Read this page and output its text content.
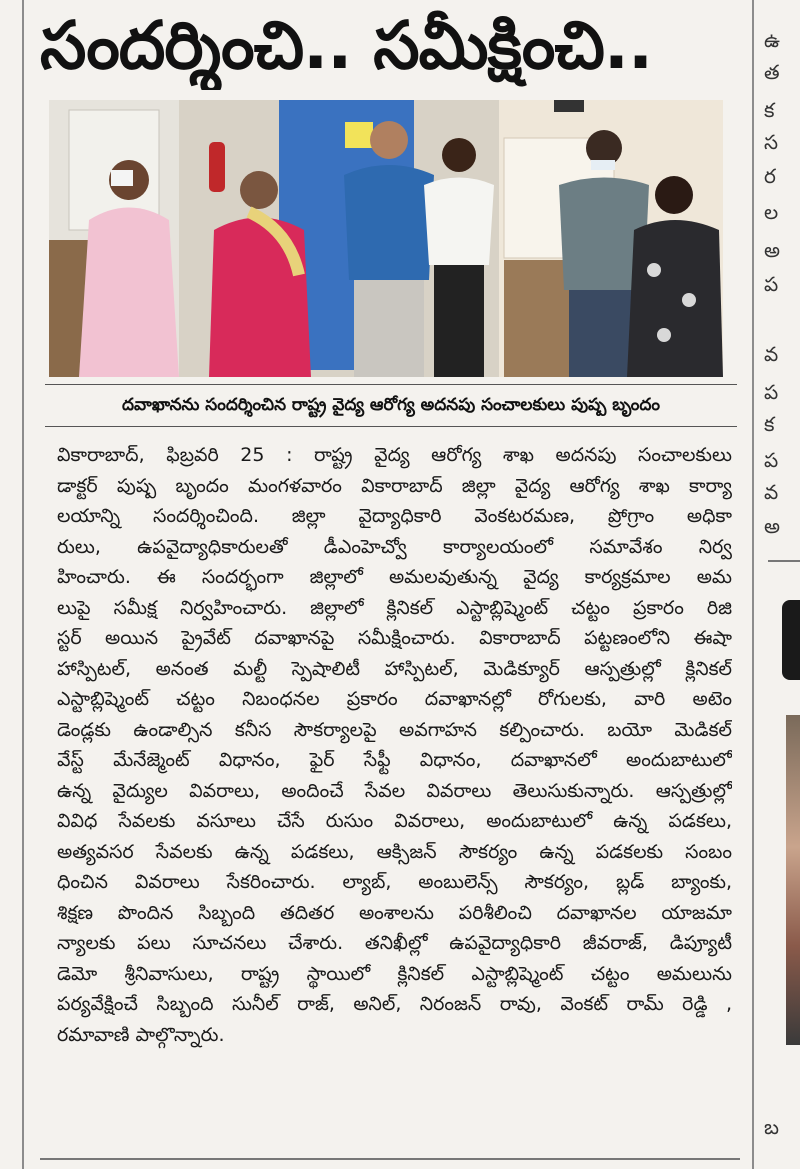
సందర్శించి.. సమీక్షించి..
దవాఖానను సందర్శించిన రాష్ట్ర వైద్య ఆరోగ్య అదనపు సంచాలకులు పుష్ప బృందం
వికారాబాద్, ఫిబ్రవరి 25 : రాష్ట్ర వైద్య ఆరోగ్య శాఖ అదనపు సంచాలకులు
డాక్టర్ పుష్ప బృందం మంగళవారం వికారాబాద్ జిల్లా వైద్య ఆరోగ్య శాఖ కార్యా
లయాన్ని సందర్శించింది. జిల్లా వైద్యాధికారి వెంకటరమణ, ప్రోగ్రాం అధికా
రులు, ఉపవైద్యాధికారులతో డీఎంహెచ్వో కార్యాలయంలో సమావేశం నిర్వ
హించారు. ఈ సందర్భంగా జిల్లాలో అమలవుతున్న వైద్య కార్యక్రమాల అమ
లుపై సమీక్ష నిర్వహించారు. జిల్లాలో క్లినికల్ ఎస్టాబ్లిష్మెంట్ చట్టం ప్రకారం రిజి
స్టర్ అయిన ప్రైవేట్ దవాఖానపై సమీక్షించారు. వికారాబాద్ పట్టణంలోని ఈషా
హాస్పిటల్, అనంత మల్టీ స్పెషాలిటీ హాస్పిటల్, మెడిక్యూర్ ఆస్పత్రుల్లో క్లినికల్
ఎస్టాబ్లిష్మెంట్ చట్టం నిబంధనల ప్రకారం దవాఖానల్లో రోగులకు, వారి అటెం
డెండ్లకు ఉండాల్సిన కనీస సౌకర్యాలపై అవగాహన కల్పించారు. బయో మెడికల్
వేస్ట్ మేనేజ్మెంట్ విధానం, ఫైర్ సేఫ్టీ విధానం, దవాఖానలో అందుబాటులో
ఉన్న వైద్యుల వివరాలు, అందించే సేవల వివరాలు తెలుసుకున్నారు. ఆస్పత్రుల్లో
వివిధ సేవలకు వసూలు చేసే రుసుం వివరాలు, అందుబాటులో ఉన్న పడకలు,
అత్యవసర సేవలకు ఉన్న పడకలు, ఆక్సిజన్ సౌకర్యం ఉన్న పడకలకు సంబం
ధించిన వివరాలు సేకరించారు. ల్యాబ్, అంబులెన్స్ సౌకర్యం, బ్లడ్ బ్యాంకు,
శిక్షణ పొందిన సిబ్బంది తదితర అంశాలను పరిశీలించి దవాఖానల యాజమా
న్యాలకు పలు సూచనలు చేశారు. తనిఖీల్లో ఉపవైద్యాధికారి జీవరాజ్, డిప్యూటీ
డెమో శ్రీనివాసులు, రాష్ట్ర స్థాయిలో క్లినికల్ ఎస్టాబ్లిష్మెంట్ చట్టం అమలును
పర్యవేక్షించే సిబ్బంది సునీల్ రాజ్, అనిల్, నిరంజన్ రావు, వెంకట్ రామ్ రెడ్డి ,
రమావాణి పాల్గొన్నారు.
ఉ
త
క
స
ర
ల
అ
ప
వ
ప
క
ప
వ
అ
బ
